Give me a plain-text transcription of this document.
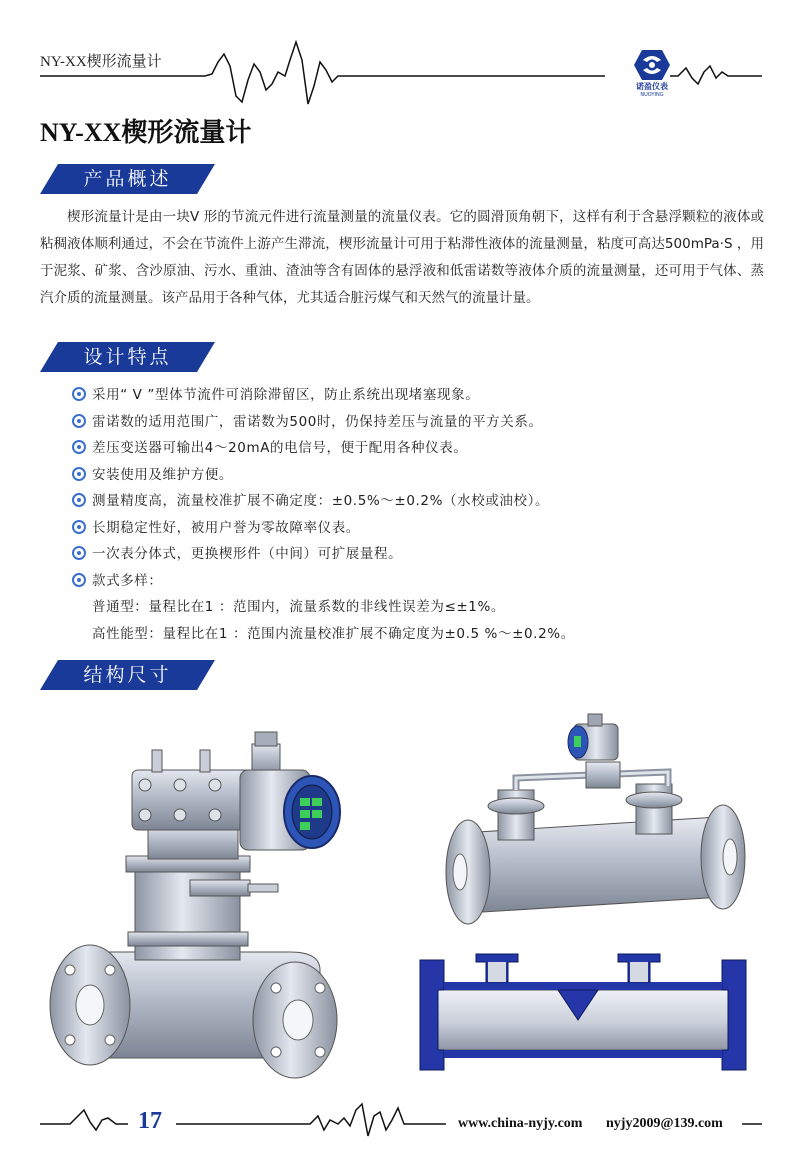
NY-XX楔形流量计
诺盈仪表
NUOYING
NY-XX楔形流量计
产品概述

楔形流量计是由一块V 形的节流元件进行流量测量的流量仪表。它的圆滑顶角朝下，这样有利于含悬浮颗粒的液体或粘稠液体顺利通过，不会在节流件上游产生滞流，楔形流量计可用于粘滞性液体的流量测量，粘度可高达500mPa·S ，用于泥浆、矿浆、含沙原油、污水、重油、渣油等含有固体的悬浮液和低雷诺数等液体介质的流量测量，还可用于气体、蒸汽介质的流量测量。该产品用于各种气体，尤其适合脏污煤气和天然气的流量计量。

设计特点
采用“ V ”型体节流件可消除滞留区，防止系统出现堵塞现象。
雷诺数的适用范围广，雷诺数为500时，仍保持差压与流量的平方关系。
差压变送器可输出4～20mA的电信号，便于配用各种仪表。
安装使用及维护方便。
测量精度高，流量校准扩展不确定度：±0.5%～±0.2%（水校或油校）。
长期稳定性好，被用户誉为零故障率仪表。
一次表分体式，更换楔形件（中间）可扩展量程。
款式多样：
普通型：量程比在1 ：范围内，流量系数的非线性误差为≤±1%。
高性能型：量程比在1 ：范围内流量校准扩展不确定度为±0.5 %～±0.2%。
结构尺寸
17	www.china-nyjy.com nyjy2009@139.com
